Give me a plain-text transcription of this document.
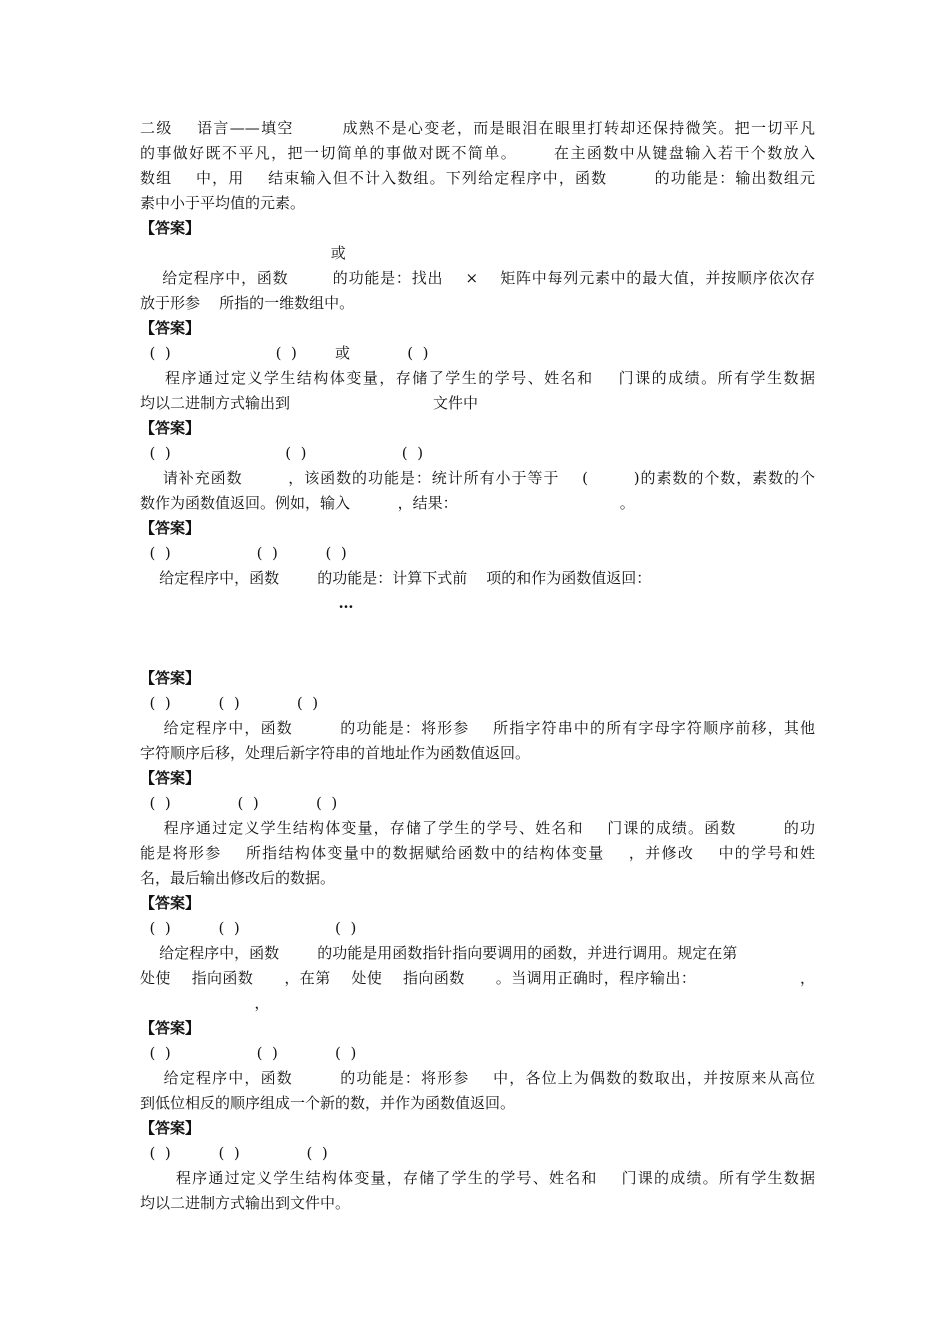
二级    语言——填空        成熟不是心变老，而是眼泪在眼里打转却还保持微笑。把一切平凡
的事做好既不平凡，把一切简单的事做对既不简单。      在主函数中从键盘输入若干个数放入
数组    中，用    结束输入但不计入数组。下列给定程序中，函数        的功能是：输出数组元
素中小于平均值的元素。
【答案】
或
给定程序中，函数        的功能是：找出    ×    矩阵中每列元素中的最大值，并按顺序依次存
放于形参    所指的一维数组中。
【答案】
(  )                      (  )        或            (  )
程序通过定义学生结构体变量，存储了学生的学号、姓名和    门课的成绩。所有学生数据
均以二进制方式输出到                              文件中
【答案】
(  )                        (  )                    (  )
请补充函数        ，该函数的功能是：统计所有小于等于    (        )的素数的个数，素数的个
数作为函数值返回。例如，输入          ，结果：                                  。
【答案】
(  )                  (  )          (  )
给定程序中，函数        的功能是：计算下式前    项的和作为函数值返回：
…
【答案】
(  )          (  )            (  )
给定程序中，函数        的功能是：将形参    所指字符串中的所有字母字符顺序前移，其他
字符顺序后移，处理后新字符串的首地址作为函数值返回。
【答案】
(  )              (  )            (  )
程序通过定义学生结构体变量，存储了学生的学号、姓名和    门课的成绩。函数        的功
能是将形参    所指结构体变量中的数据赋给函数中的结构体变量    ，并修改    中的学号和姓
名，最后输出修改后的数据。
【答案】
(  )          (  )                    (  )
给定程序中，函数        的功能是用函数指针指向要调用的函数，并进行调用。规定在第
处使    指向函数      ，在第    处使    指向函数      。当调用正确时，程序输出：                    ，
，
【答案】
(  )                  (  )            (  )
给定程序中，函数        的功能是：将形参    中，各位上为偶数的数取出，并按原来从高位
到低位相反的顺序组成一个新的数，并作为函数值返回。
【答案】
(  )          (  )              (  )
程序通过定义学生结构体变量，存储了学生的学号、姓名和    门课的成绩。所有学生数据
均以二进制方式输出到文件中。
